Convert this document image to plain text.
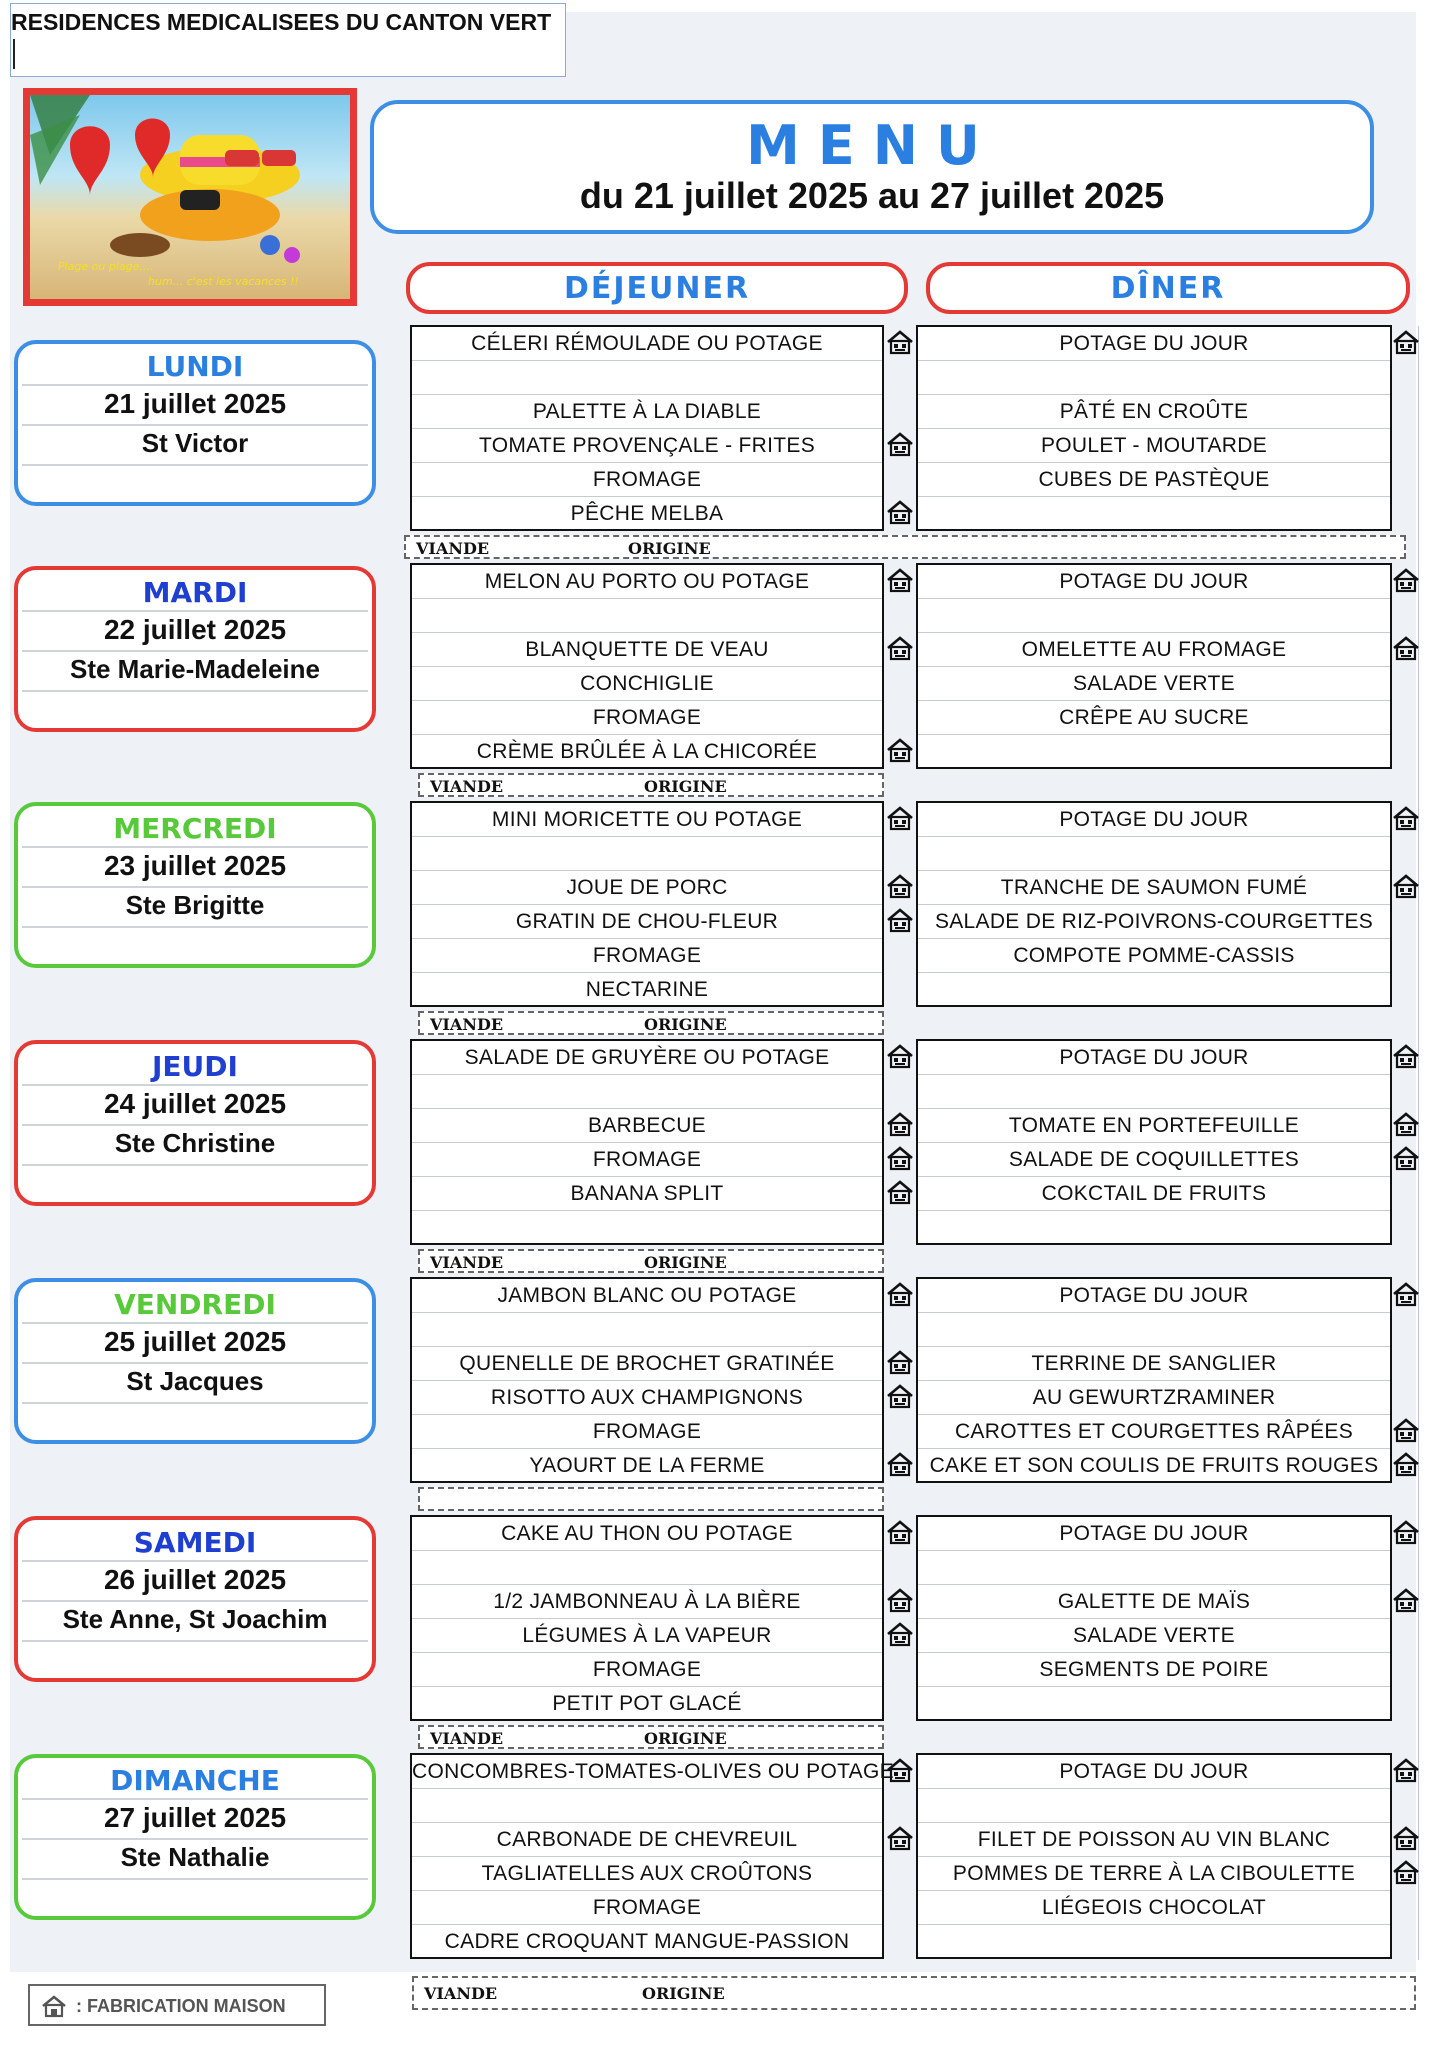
RESIDENCES MEDICALISEES DU CANTON VERT
Plage ou plage....
hum... c'est les vacances !!
MENU
du 21 juillet 2025 au 27 juillet 2025
DÉJEUNER	DÎNER
LUNDI
21 juillet 2025
St Victor
CÉLERI RÉMOULADE OU POTAGE
PALETTE À LA DIABLE
TOMATE PROVENÇALE - FRITES
FROMAGE
PÊCHE MELBA
POTAGE DU JOUR
PÂTÉ EN CROÛTE
POULET - MOUTARDE
CUBES DE PASTÈQUE
VIANDE	ORIGINE
MARDI
22 juillet 2025
Ste Marie-Madeleine
MELON AU PORTO OU POTAGE
BLANQUETTE DE VEAU
CONCHIGLIE
FROMAGE
CRÈME BRÛLÉE À LA CHICORÉE
POTAGE DU JOUR
OMELETTE AU FROMAGE
SALADE VERTE
CRÊPE AU SUCRE
VIANDE	ORIGINE
MERCREDI
23 juillet 2025
Ste Brigitte
MINI MORICETTE OU POTAGE
JOUE DE PORC
GRATIN DE CHOU-FLEUR
FROMAGE
NECTARINE
POTAGE DU JOUR
TRANCHE DE SAUMON FUMÉ
SALADE DE RIZ-POIVRONS-COURGETTES
COMPOTE POMME-CASSIS
VIANDE	ORIGINE
JEUDI
24 juillet 2025
Ste Christine
SALADE DE GRUYÈRE OU POTAGE
BARBECUE
FROMAGE
BANANA SPLIT
POTAGE DU JOUR
TOMATE EN PORTEFEUILLE
SALADE DE COQUILLETTES
COKCTAIL DE FRUITS
VIANDE	ORIGINE
VENDREDI
25 juillet 2025
St Jacques
JAMBON BLANC OU POTAGE
QUENELLE DE BROCHET GRATINÉE
RISOTTO AUX CHAMPIGNONS
FROMAGE
YAOURT DE LA FERME
POTAGE DU JOUR
TERRINE DE SANGLIER
AU GEWURTZRAMINER
CAROTTES ET COURGETTES RÂPÉES
CAKE ET SON COULIS DE FRUITS ROUGES
SAMEDI
26 juillet 2025
Ste Anne, St Joachim
CAKE AU THON OU POTAGE
1/2 JAMBONNEAU À LA BIÈRE
LÉGUMES À LA VAPEUR
FROMAGE
PETIT POT GLACÉ
POTAGE DU JOUR
GALETTE DE MAÏS
SALADE VERTE
SEGMENTS DE POIRE
VIANDE	ORIGINE
DIMANCHE
27 juillet 2025
Ste Nathalie
CONCOMBRES-TOMATES-OLIVES OU POTAGE
CARBONADE DE CHEVREUIL
TAGLIATELLES AUX CROÛTONS
FROMAGE
CADRE CROQUANT MANGUE-PASSION
POTAGE DU JOUR
FILET DE POISSON AU VIN BLANC
POMMES DE TERRE À LA CIBOULETTE
LIÉGEOIS CHOCOLAT
VIANDE	ORIGINE
: FABRICATION MAISON
